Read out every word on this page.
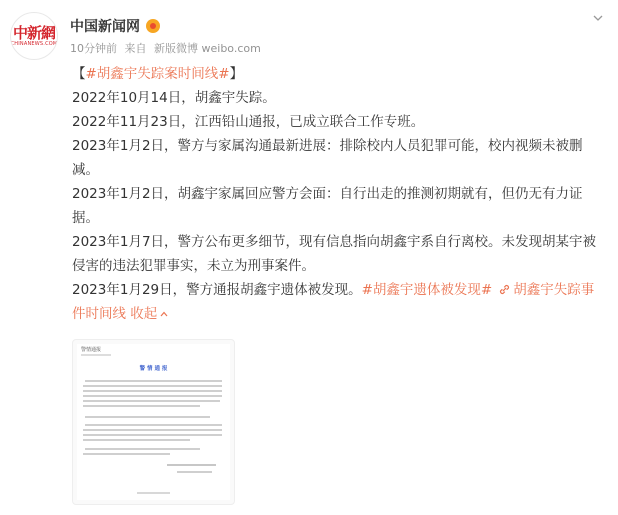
中新網
CHINANEWS.COM
中国新闻网
10分钟前 来自 新版微博 weibo.com

【#胡鑫宇失踪案时间线#】

2022年10月14日，胡鑫宇失踪。

2022年11月23日，江西铅山通报，已成立联合工作专班。

2023年1月2日，警方与家属沟通最新进展：排除校内人员犯罪可能，校内视频未被删减。

2023年1月2日，胡鑫宇家属回应警方会面：自行出走的推测初期就有，但仍无有力证据。

2023年1月7日，警方公布更多细节，现有信息指向胡鑫宇系自行离校。未发现胡某宇被侵害的违法犯罪事实，未立为刑事案件。

2023年1月29日，警方通报胡鑫宇遗体被发现。#胡鑫宇遗体被发现# 胡鑫宇失踪事件时间线 收起

警情通报
警 情 通 报
